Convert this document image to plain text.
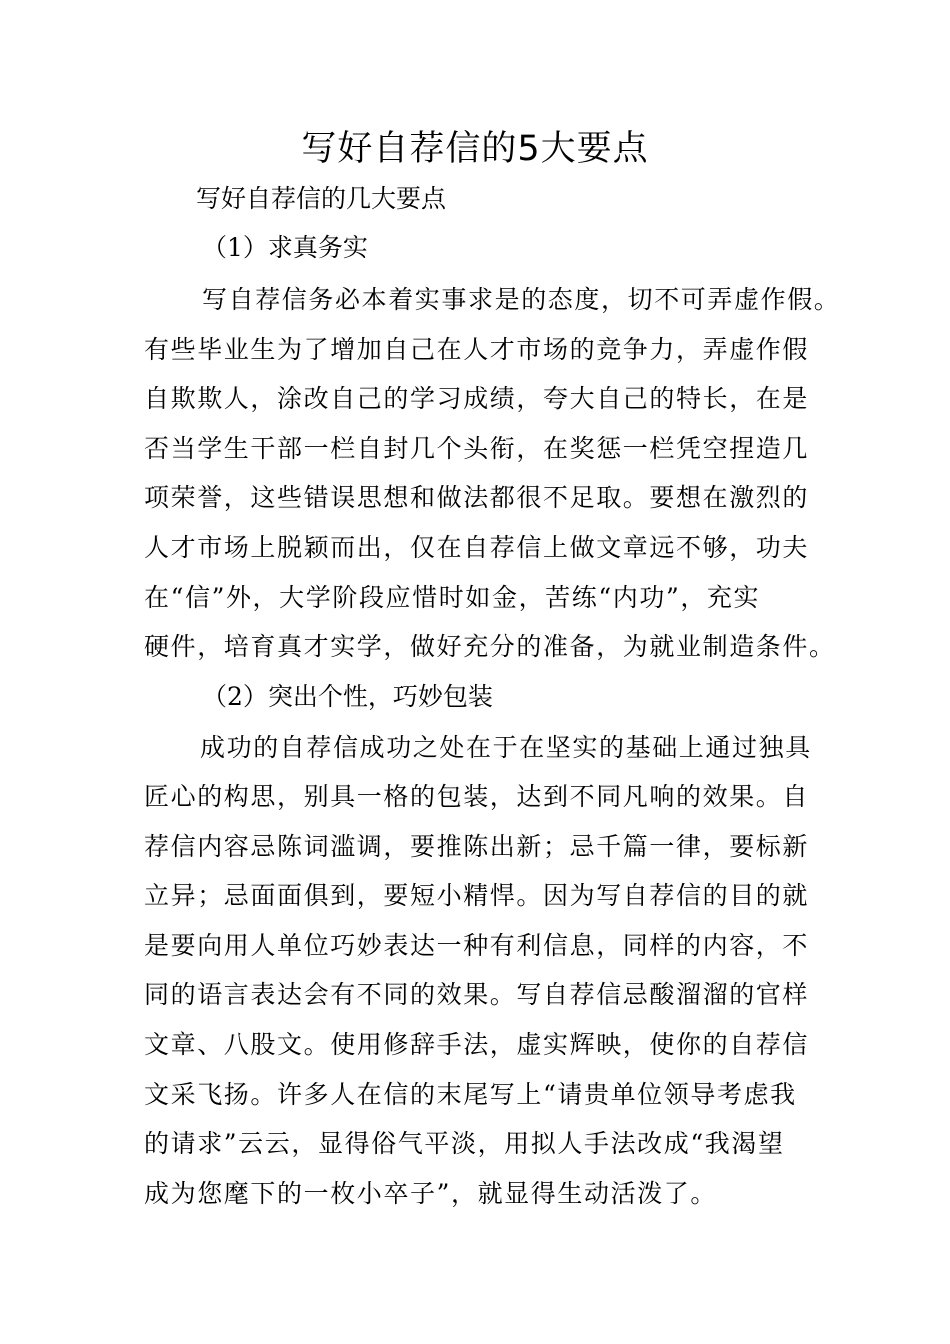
写好自荐信的5大要点

写好自荐信的几大要点

（1）求真务实

写自荐信务必本着实事求是的态度，切不可弄虚作假。

有些毕业生为了增加自己在人才市场的竞争力，弄虚作假

自欺欺人，涂改自己的学习成绩，夸大自己的特长，在是

否当学生干部一栏自封几个头衔，在奖惩一栏凭空捏造几

项荣誉，这些错误思想和做法都很不足取。要想在激烈的

人才市场上脱颖而出，仅在自荐信上做文章远不够，功夫

在“信”外，大学阶段应惜时如金，苦练“内功”，充实

硬件，培育真才实学，做好充分的准备，为就业制造条件。

（2）突出个性，巧妙包装

成功的自荐信成功之处在于在坚实的基础上通过独具

匠心的构思，别具一格的包装，达到不同凡响的效果。自

荐信内容忌陈词滥调，要推陈出新；忌千篇一律，要标新

立异；忌面面俱到，要短小精悍。因为写自荐信的目的就

是要向用人单位巧妙表达一种有利信息，同样的内容，不

同的语言表达会有不同的效果。写自荐信忌酸溜溜的官样

文章、八股文。使用修辞手法，虚实辉映，使你的自荐信

文采飞扬。许多人在信的末尾写上“请贵单位领导考虑我

的请求”云云，显得俗气平淡，用拟人手法改成“我渴望

成为您麾下的一枚小卒子”，就显得生动活泼了。
